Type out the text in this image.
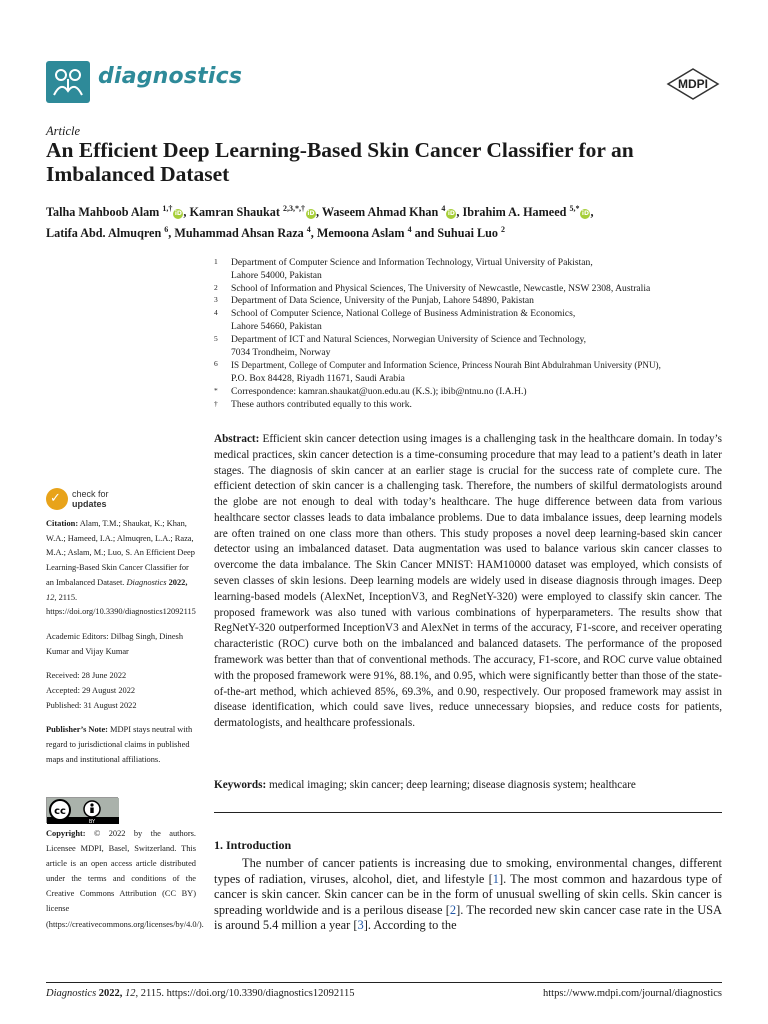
diagnostics	MDPI
Article
An Efficient Deep Learning-Based Skin Cancer Classifier for an Imbalanced Dataset
Talha Mahboob Alam $^{1,\dagger}$iD, Kamran Shaukat $^{2,3,*,\dagger}$iD, Waseem Ahmad Khan $^4$iD, Ibrahim A. Hameed $^{5,*}$iD,
Latifa Abd. Almuqren $^6$, Muhammad Ahsan Raza $^4$, Memoona Aslam $^4$ and Suhuai Luo $^2$
1	Department of Computer Science and Information Technology, Virtual University of Pakistan,
Lahore 54000, Pakistan
2	School of Information and Physical Sciences, The University of Newcastle, Newcastle, NSW 2308, Australia
3	Department of Data Science, University of the Punjab, Lahore 54890, Pakistan
4	School of Computer Science, National College of Business Administration & Economics,
Lahore 54660, Pakistan
5	Department of ICT and Natural Sciences, Norwegian University of Science and Technology,
7034 Trondheim, Norway
6	IS Department, College of Computer and Information Science, Princess Nourah Bint Abdulrahman University (PNU),
P.O. Box 84428, Riyadh 11671, Saudi Arabia
*	Correspondence: kamran.shaukat@uon.edu.au (K.S.); ibib@ntnu.no (I.A.H.)
†	These authors contributed equally to this work.
Abstract: Efficient skin cancer detection using images is a challenging task in the healthcare domain. In today’s medical practices, skin cancer detection is a time-consuming procedure that may lead to a patient’s death in later stages. The diagnosis of skin cancer at an earlier stage is crucial for the success rate of complete cure. The efficient detection of skin cancer is a challenging task. Therefore, the numbers of skilful dermatologists around the globe are not enough to deal with today’s healthcare. The huge difference between data from various healthcare sector classes leads to data imbalance problems. Due to data imbalance issues, deep learning models are often trained on one class more than others. This study proposes a novel deep learning-based skin cancer detector using an imbalanced dataset. Data augmentation was used to balance various skin cancer classes to overcome the data imbalance. The Skin Cancer MNIST: HAM10000 dataset was employed, which consists of seven classes of skin lesions. Deep learning models are widely used in disease diagnosis through images. Deep learning-based models (AlexNet, InceptionV3, and RegNetY-320) were employed to classify skin cancer. The proposed framework was also tuned with various combinations of hyperparameters. The results show that RegNetY-320 outperformed InceptionV3 and AlexNet in terms of the accuracy, F1-score, and receiver operating characteristic (ROC) curve both on the imbalanced and balanced datasets. The performance of the proposed framework was better than that of conventional methods. The accuracy, F1-score, and ROC curve value obtained with the proposed framework were 91%, 88.1%, and 0.95, which were significantly better than those of the state-of-the-art method, which achieved 85%, 69.3%, and 0.90, respectively. Our proposed framework may assist in disease identification, which could save lives, reduce unnecessary biopsies, and reduce costs for patients, dermatologists, and healthcare professionals.
Keywords: medical imaging; skin cancer; deep learning; disease diagnosis system; healthcare
1. Introduction
The number of cancer patients is increasing due to smoking, environmental changes, different types of radiation, viruses, alcohol, diet, and lifestyle [1]. The most common and hazardous type of cancer is skin cancer. Skin cancer can be in the form of unusual swelling of skin cells. Skin cancer is spreading worldwide and is a perilous disease [2]. The recorded new skin cancer case rate in the USA is around 5.4 million a year [3]. According to the
✓ check for
updates
Citation: Alam, T.M.; Shaukat, K.; Khan, W.A.; Hameed, I.A.; Almuqren, L.A.; Raza, M.A.; Aslam, M.; Luo, S. An Efficient Deep Learning-Based Skin Cancer Classifier for an Imbalanced Dataset. Diagnostics 2022, 12, 2115. https://doi.org/10.3390/diagnostics12092115
Academic Editors: Dilbag Singh, Dinesh Kumar and Vijay Kumar
Received: 28 June 2022
Accepted: 29 August 2022
Published: 31 August 2022
Publisher’s Note: MDPI stays neutral with regard to jurisdictional claims in published maps and institutional affiliations.
cc
BY
Copyright: © 2022 by the authors. Licensee MDPI, Basel, Switzerland. This article is an open access article distributed under the terms and conditions of the Creative Commons Attribution (CC BY) license (https://creativecommons.org/licenses/by/4.0/).
Diagnostics 2022, 12, 2115. https://doi.org/10.3390/diagnostics12092115	https://www.mdpi.com/journal/diagnostics
